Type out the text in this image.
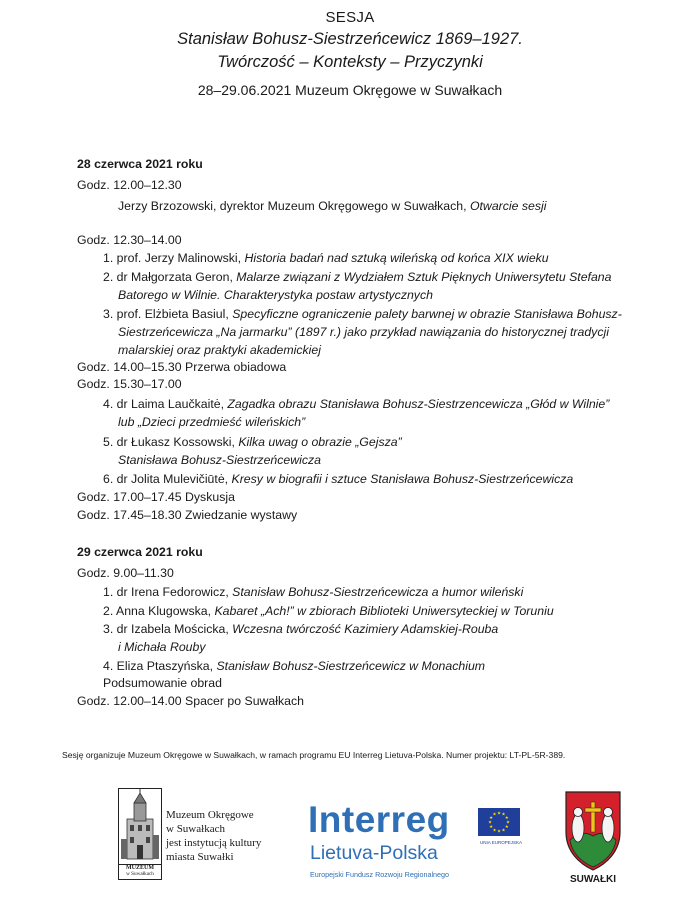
SESJA
Stanisław Bohusz-Siestrzeńcewicz 1869–1927.
Twórczość – Konteksty – Przyczynki
28–29.06.2021 Muzeum Okręgowe w Suwałkach
28 czerwca 2021 roku
Godz. 12.00–12.30
Jerzy Brzozowski, dyrektor Muzeum Okręgowego w Suwałkach, Otwarcie sesji
Godz. 12.30–14.00
1. prof. Jerzy Malinowski, Historia badań nad sztuką wileńską od końca XIX wieku
2. dr Małgorzata Geron, Malarze związani z Wydziałem Sztuk Pięknych Uniwersytetu Stefana
Batorego w Wilnie. Charakterystyka postaw artystycznych
3. prof. Elżbieta Basiul, Specyficzne ograniczenie palety barwnej w obrazie Stanisława Bohusz-
Siestrzeńcewicza „Na jarmarku” (1897 r.) jako przykład nawiązania do historycznej tradycji
malarskiej oraz praktyki akademickiej
Godz. 14.00–15.30 Przerwa obiadowa
Godz. 15.30–17.00
4. dr Laima Laučkaitė, Zagadka obrazu Stanisława Bohusz-Siestrzencewicza „Głód w Wilnie”
lub „Dzieci przedmieść wileńskich”
5. dr Łukasz Kossowski, Kilka uwag o obrazie „Gejsza”
Stanisława Bohusz-Siestrzeńcewicza
6. dr Jolita Mulevičiūtė, Kresy w biografii i sztuce Stanisława Bohusz-Siestrzeńcewicza
Godz. 17.00–17.45 Dyskusja
Godz. 17.45–18.30 Zwiedzanie wystawy
29 czerwca 2021 roku
Godz. 9.00–11.30
1. dr Irena Fedorowicz, Stanisław Bohusz-Siestrzeńcewicza a humor wileński
2. Anna Klugowska, Kabaret „Ach!” w zbiorach Biblioteki Uniwersyteckiej w Toruniu
3. dr Izabela Mościcka, Wczesna twórczość Kazimiery Adamskiej-Rouba
i Michała Rouby
4. Eliza Ptaszyńska, Stanisław Bohusz-Siestrzeńcewicz w Monachium
Podsumowanie obrad
Godz. 12.00–14.00 Spacer po Suwałkach
Sesję organizuje Muzeum Okręgowe w Suwałkach, w ramach programu EU Interreg Lietuva-Polska. Numer projektu: LT-PL-5R-389.
MUZEUM
w Suwałkach
Muzeum Okręgowe
w Suwałkach
jest instytucją kultury
miasta Suwałki
Interreg
Lietuva-Polska
Europejski Fundusz Rozwoju Regionalnego
★
★
★
★
★
★
★
★
★ ★ ★
★
UNIA EUROPEJSKA
SUWAŁKI
